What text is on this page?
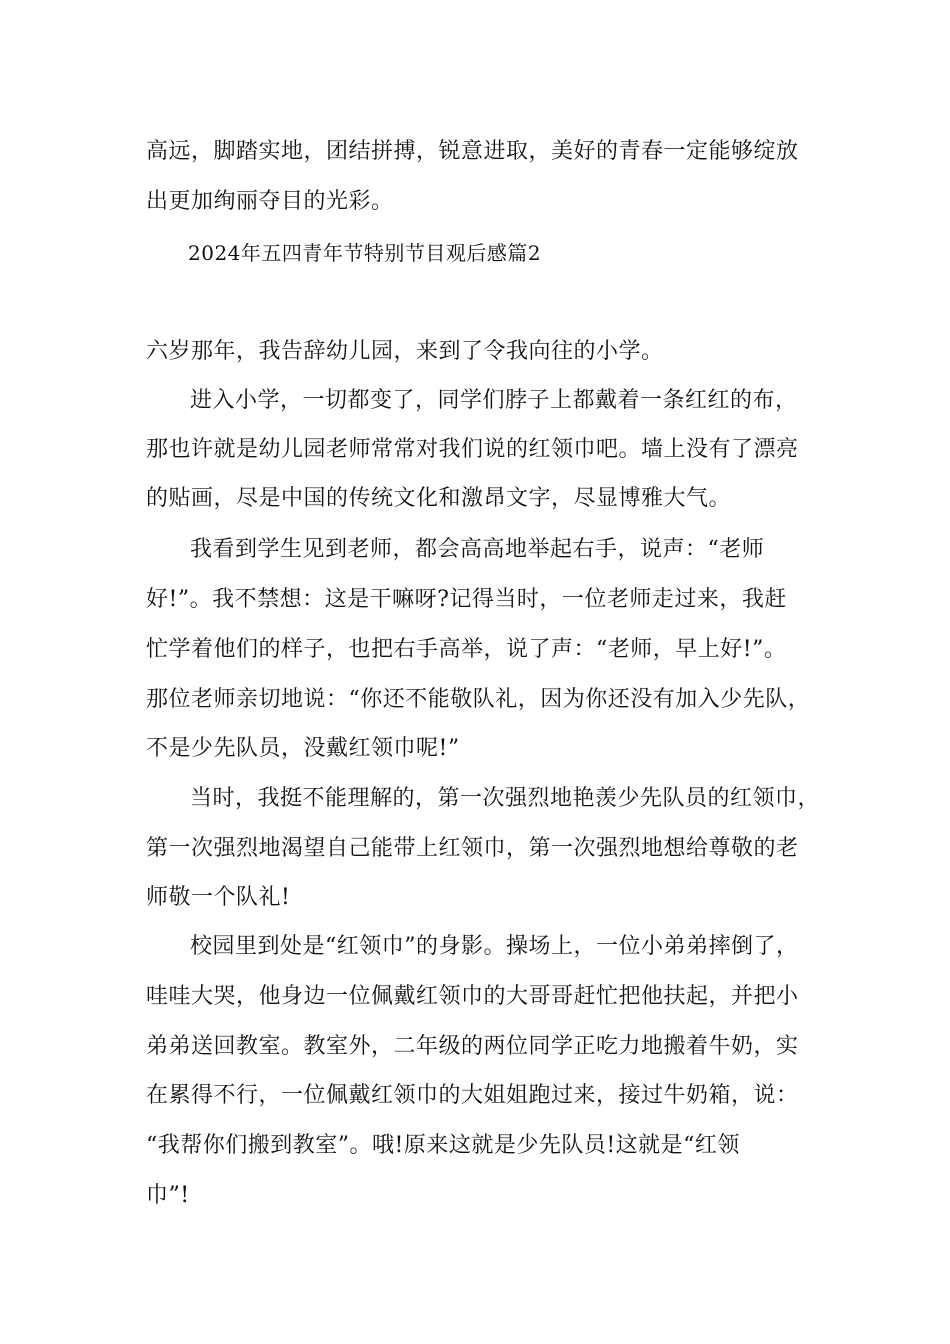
高远，脚踏实地，团结拼搏，锐意进取，美好的青春一定能够绽放
出更加绚丽夺目的光彩。
2024年五四青年节特别节目观后感篇2
六岁那年，我告辞幼儿园，来到了令我向往的小学。
进入小学，一切都变了，同学们脖子上都戴着一条红红的布，
那也许就是幼儿园老师常常对我们说的红领巾吧。墙上没有了漂亮
的贴画，尽是中国的传统文化和激昂文字，尽显博雅大气。
我看到学生见到老师，都会高高地举起右手，说声：“老师
好!”。我不禁想：这是干嘛呀?记得当时，一位老师走过来，我赶
忙学着他们的样子，也把右手高举，说了声：“老师，早上好!”。
那位老师亲切地说：“你还不能敬队礼，因为你还没有加入少先队，
不是少先队员，没戴红领巾呢!”
当时，我挺不能理解的，第一次强烈地艳羡少先队员的红领巾，
第一次强烈地渴望自己能带上红领巾，第一次强烈地想给尊敬的老
师敬一个队礼!
校园里到处是“红领巾”的身影。操场上，一位小弟弟摔倒了，
哇哇大哭，他身边一位佩戴红领巾的大哥哥赶忙把他扶起，并把小
弟弟送回教室。教室外，二年级的两位同学正吃力地搬着牛奶，实
在累得不行，一位佩戴红领巾的大姐姐跑过来，接过牛奶箱，说：
“我帮你们搬到教室”。哦!原来这就是少先队员!这就是“红领
巾”!
